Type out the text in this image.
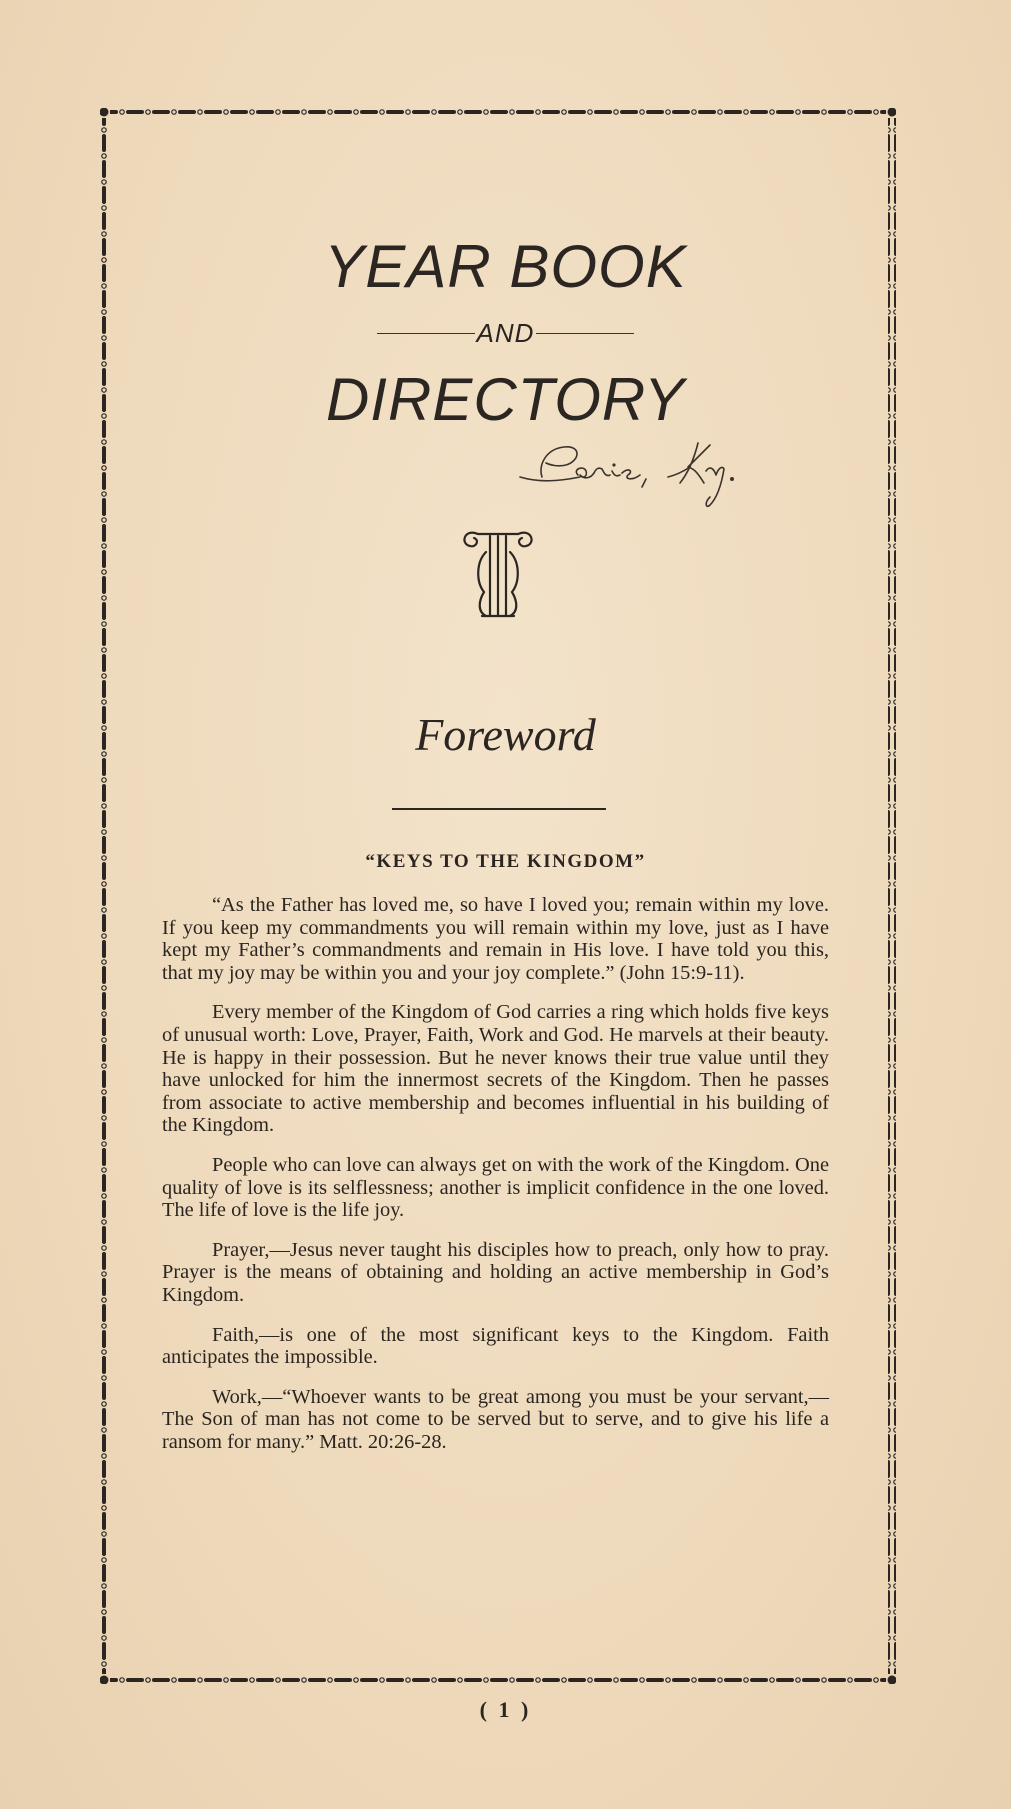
YEAR BOOK
AND
DIRECTORY
Foreword
“KEYS TO THE KINGDOM”

“As the Father has loved me, so have I loved you; remain within my love. If you keep my commandments you will remain within my love, just as I have kept my Father’s commandments and remain in His love. I have told you this, that my joy may be within you and your joy complete.” (John 15:9-11).

Every member of the Kingdom of God carries a ring which holds five keys of unusual worth: Love, Prayer, Faith, Work and God. He marvels at their beauty. He is happy in their possession. But he never knows their true value until they have unlocked for him the innermost secrets of the Kingdom. Then he passes from associate to active membership and becomes influential in his building of the Kingdom.

People who can love can always get on with the work of the Kingdom. One quality of love is its selflessness; another is implicit confidence in the one loved. The life of love is the life joy.

Prayer,—Jesus never taught his disciples how to preach, only how to pray. Prayer is the means of obtaining and holding an active membership in God’s Kingdom.

Faith,—is one of the most significant keys to the Kingdom. Faith anticipates the impossible.

Work,—“Whoever wants to be great among you must be your servant,—The Son of man has not come to be served but to serve, and to give his life a ransom for many.” Matt. 20:26-28.

( 1 )
